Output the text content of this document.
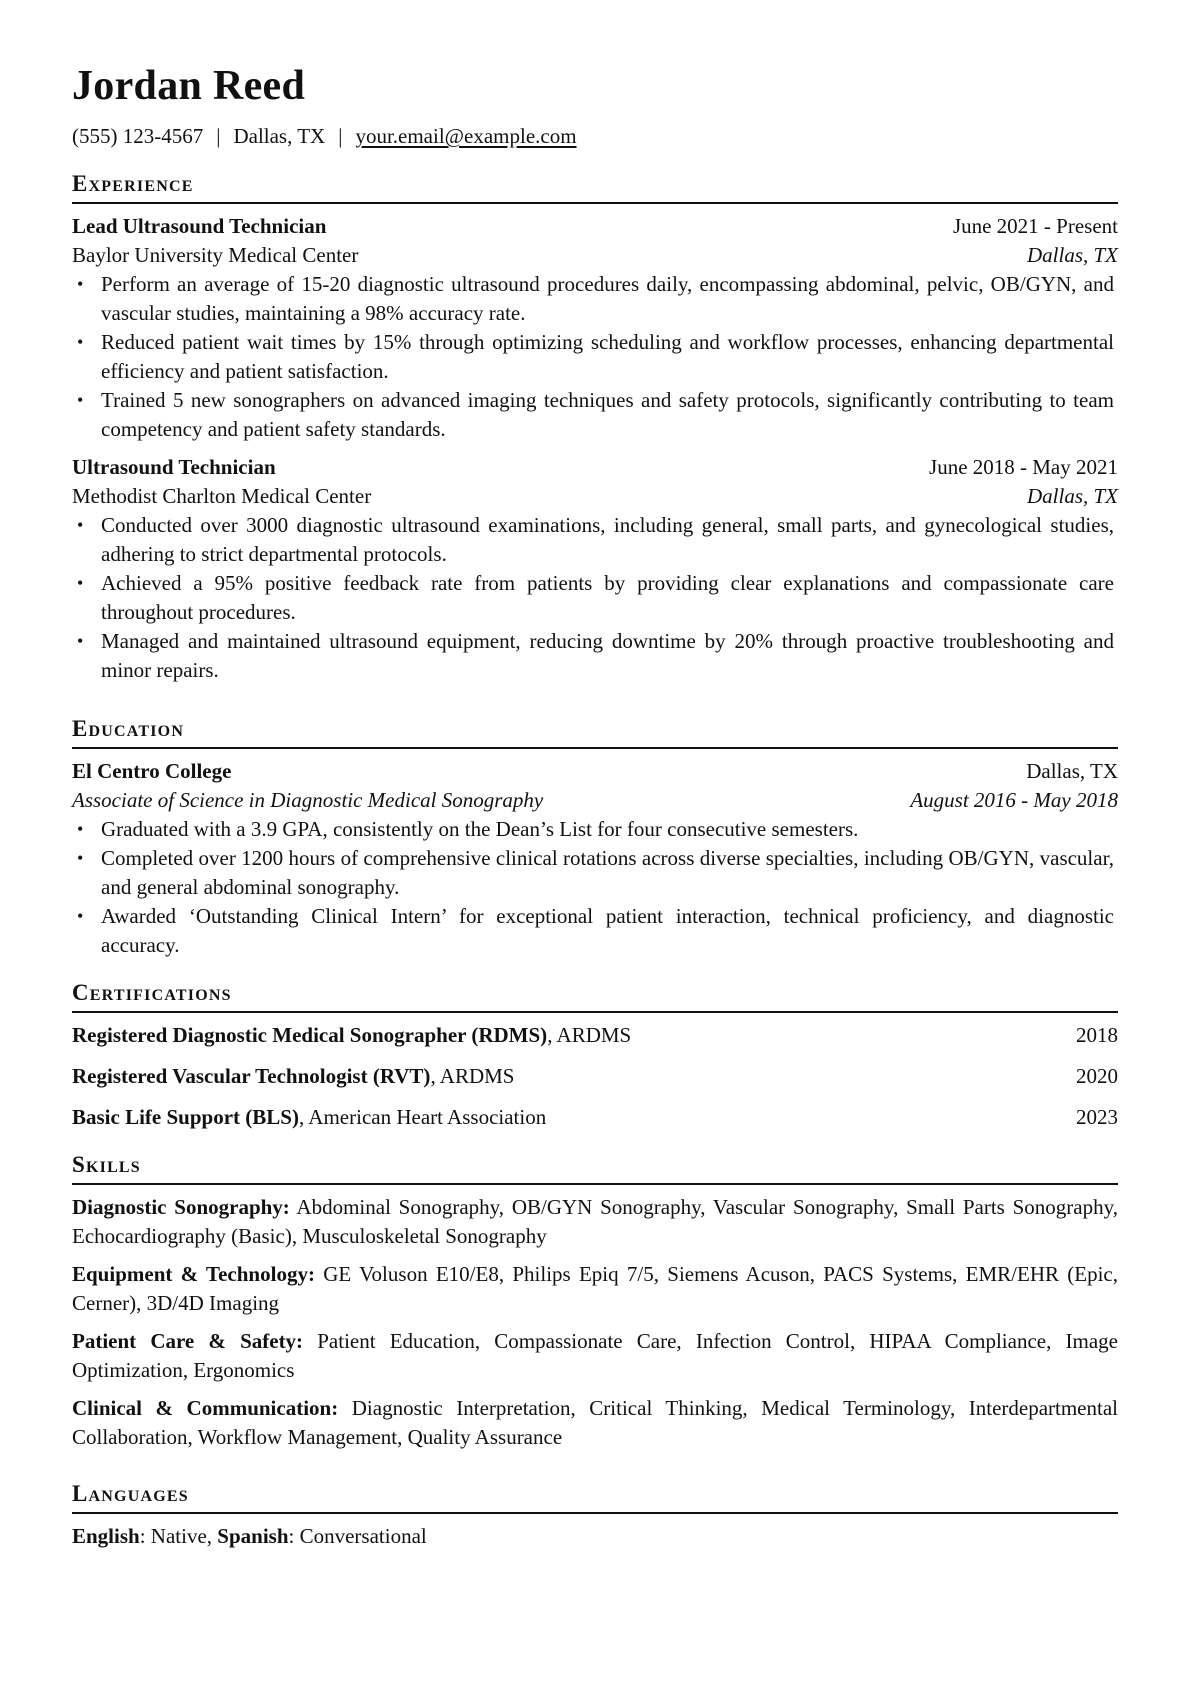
Jordan Reed
(555) 123-4567 | Dallas, TX | your.email@example.com
Experience
Lead Ultrasound Technician	June 2021 - Present
Baylor University Medical Center	Dallas, TX
• Perform an average of 15-20 diagnostic ultrasound procedures daily, encompassing abdominal, pelvic, OB/GYN, and vascular studies, maintaining a 98% accuracy rate.
• Reduced patient wait times by 15% through optimizing scheduling and workflow processes, enhancing departmental efficiency and patient satisfaction.
• Trained 5 new sonographers on advanced imaging techniques and safety protocols, significantly contributing to team competency and patient safety standards.
Ultrasound Technician	June 2018 - May 2021
Methodist Charlton Medical Center	Dallas, TX
• Conducted over 3000 diagnostic ultrasound examinations, including general, small parts, and gynecological studies, adhering to strict departmental protocols.
• Achieved a 95% positive feedback rate from patients by providing clear explanations and compassionate care throughout procedures.
• Managed and maintained ultrasound equipment, reducing downtime by 20% through proactive troubleshooting and minor repairs.
Education
El Centro College	Dallas, TX
Associate of Science in Diagnostic Medical Sonography	August 2016 - May 2018
• Graduated with a 3.9 GPA, consistently on the Dean’s List for four consecutive semesters.
• Completed over 1200 hours of comprehensive clinical rotations across diverse specialties, including OB/GYN, vascular, and general abdominal sonography.
• Awarded ‘Outstanding Clinical Intern’ for exceptional patient interaction, technical proficiency, and diagnostic accuracy.
Certifications
Registered Diagnostic Medical Sonographer (RDMS), ARDMS	2018
Registered Vascular Technologist (RVT), ARDMS	2020
Basic Life Support (BLS), American Heart Association	2023
Skills
Diagnostic Sonography: Abdominal Sonography, OB/GYN Sonography, Vascular Sonography, Small Parts Sonography, Echocardiography (Basic), Musculoskeletal Sonography
Equipment & Technology: GE Voluson E10/E8, Philips Epiq 7/5, Siemens Acuson, PACS Systems, EMR/EHR (Epic, Cerner), 3D/4D Imaging
Patient Care & Safety: Patient Education, Compassionate Care, Infection Control, HIPAA Compliance, Image Optimization, Ergonomics
Clinical & Communication: Diagnostic Interpretation, Critical Thinking, Medical Terminology, Interdepartmental Collaboration, Workflow Management, Quality Assurance
Languages
English: Native, Spanish: Conversational
